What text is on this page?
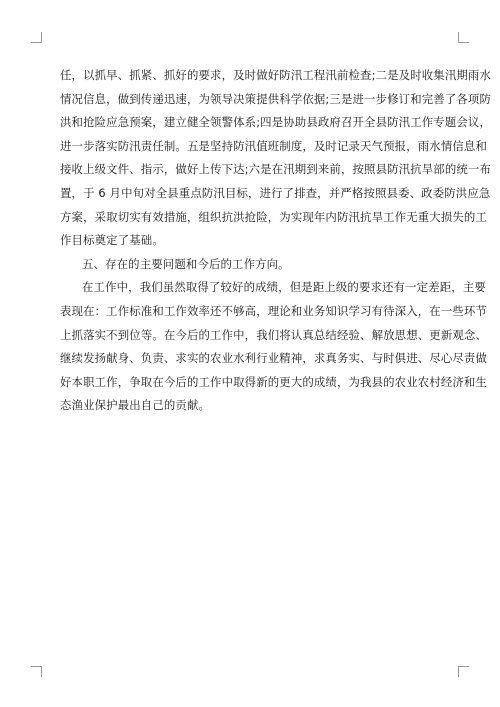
任，以抓早、抓紧、抓好的要求，及时做好防汛工程汛前检查;二是及时收集汛期雨水
情况信息，做到传递迅速，为领导决策提供科学依据;三是进一步修订和完善了各项防
洪和抢险应急预案，建立健全领警体系;四是协助县政府召开全县防汛工作专题会议，
进一步落实防汛责任制。五是坚持防汛值班制度，及时记录天气预报，雨水情信息和
接收上级文件、指示，做好上传下达;六是在汛期到来前，按照县防汛抗旱部的统一布
置，于 6 月中旬对全县重点防汛目标，进行了排查，并严格按照县委、政委防洪应急
方案，采取切实有效措施，组织抗洪抢险，为实现年内防汛抗旱工作无重大损失的工
作目标奠定了基础。
五、存在的主要问题和今后的工作方向。
在工作中，我们虽然取得了较好的成绩，但是距上级的要求还有一定差距，主要
表现在：工作标准和工作效率还不够高，理论和业务知识学习有待深入，在一些环节
上抓落实不到位等。在今后的工作中，我们将认真总结经验、解放思想、更新观念、
继续发扬献身、负责、求实的农业水利行业精神，求真务实、与时俱进、尽心尽责做
好本职工作，争取在今后的工作中取得新的更大的成绩，为我县的农业农村经济和生
态渔业保护最出自己的贡献。
